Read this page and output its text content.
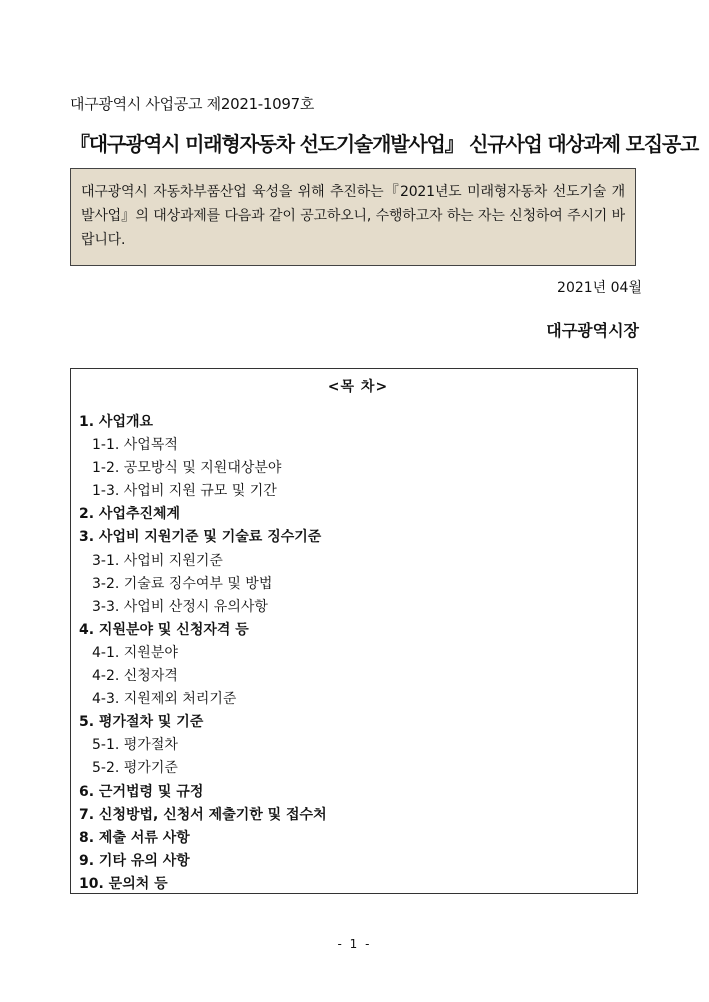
대구광역시 사업공고 제2021-1097호
『대구광역시 미래형자동차 선도기술개발사업』 신규사업 대상과제 모집공고
대구광역시 자동차부품산업 육성을 위해 추진하는『2021년도 미래형자동차 선도기술 개발사업』의 대상과제를 다음과 같이 공고하오니, 수행하고자 하는 자는 신청하여 주시기 바랍니다.
2021년 04월
대구광역시장
<목 차>
1. 사업개요
1-1. 사업목적
1-2. 공모방식 및 지원대상분야
1-3. 사업비 지원 규모 및 기간
2. 사업추진체계
3. 사업비 지원기준 및 기술료 징수기준
3-1. 사업비 지원기준
3-2. 기술료 징수여부 및 방법
3-3. 사업비 산정시 유의사항
4. 지원분야 및 신청자격 등
4-1. 지원분야
4-2. 신청자격
4-3. 지원제외 처리기준
5. 평가절차 및 기준
5-1. 평가절차
5-2. 평가기준
6. 근거법령 및 규정
7. 신청방법, 신청서 제출기한 및 접수처
8. 제출 서류 사항
9. 기타 유의 사항
10. 문의처 등
- 1 -
